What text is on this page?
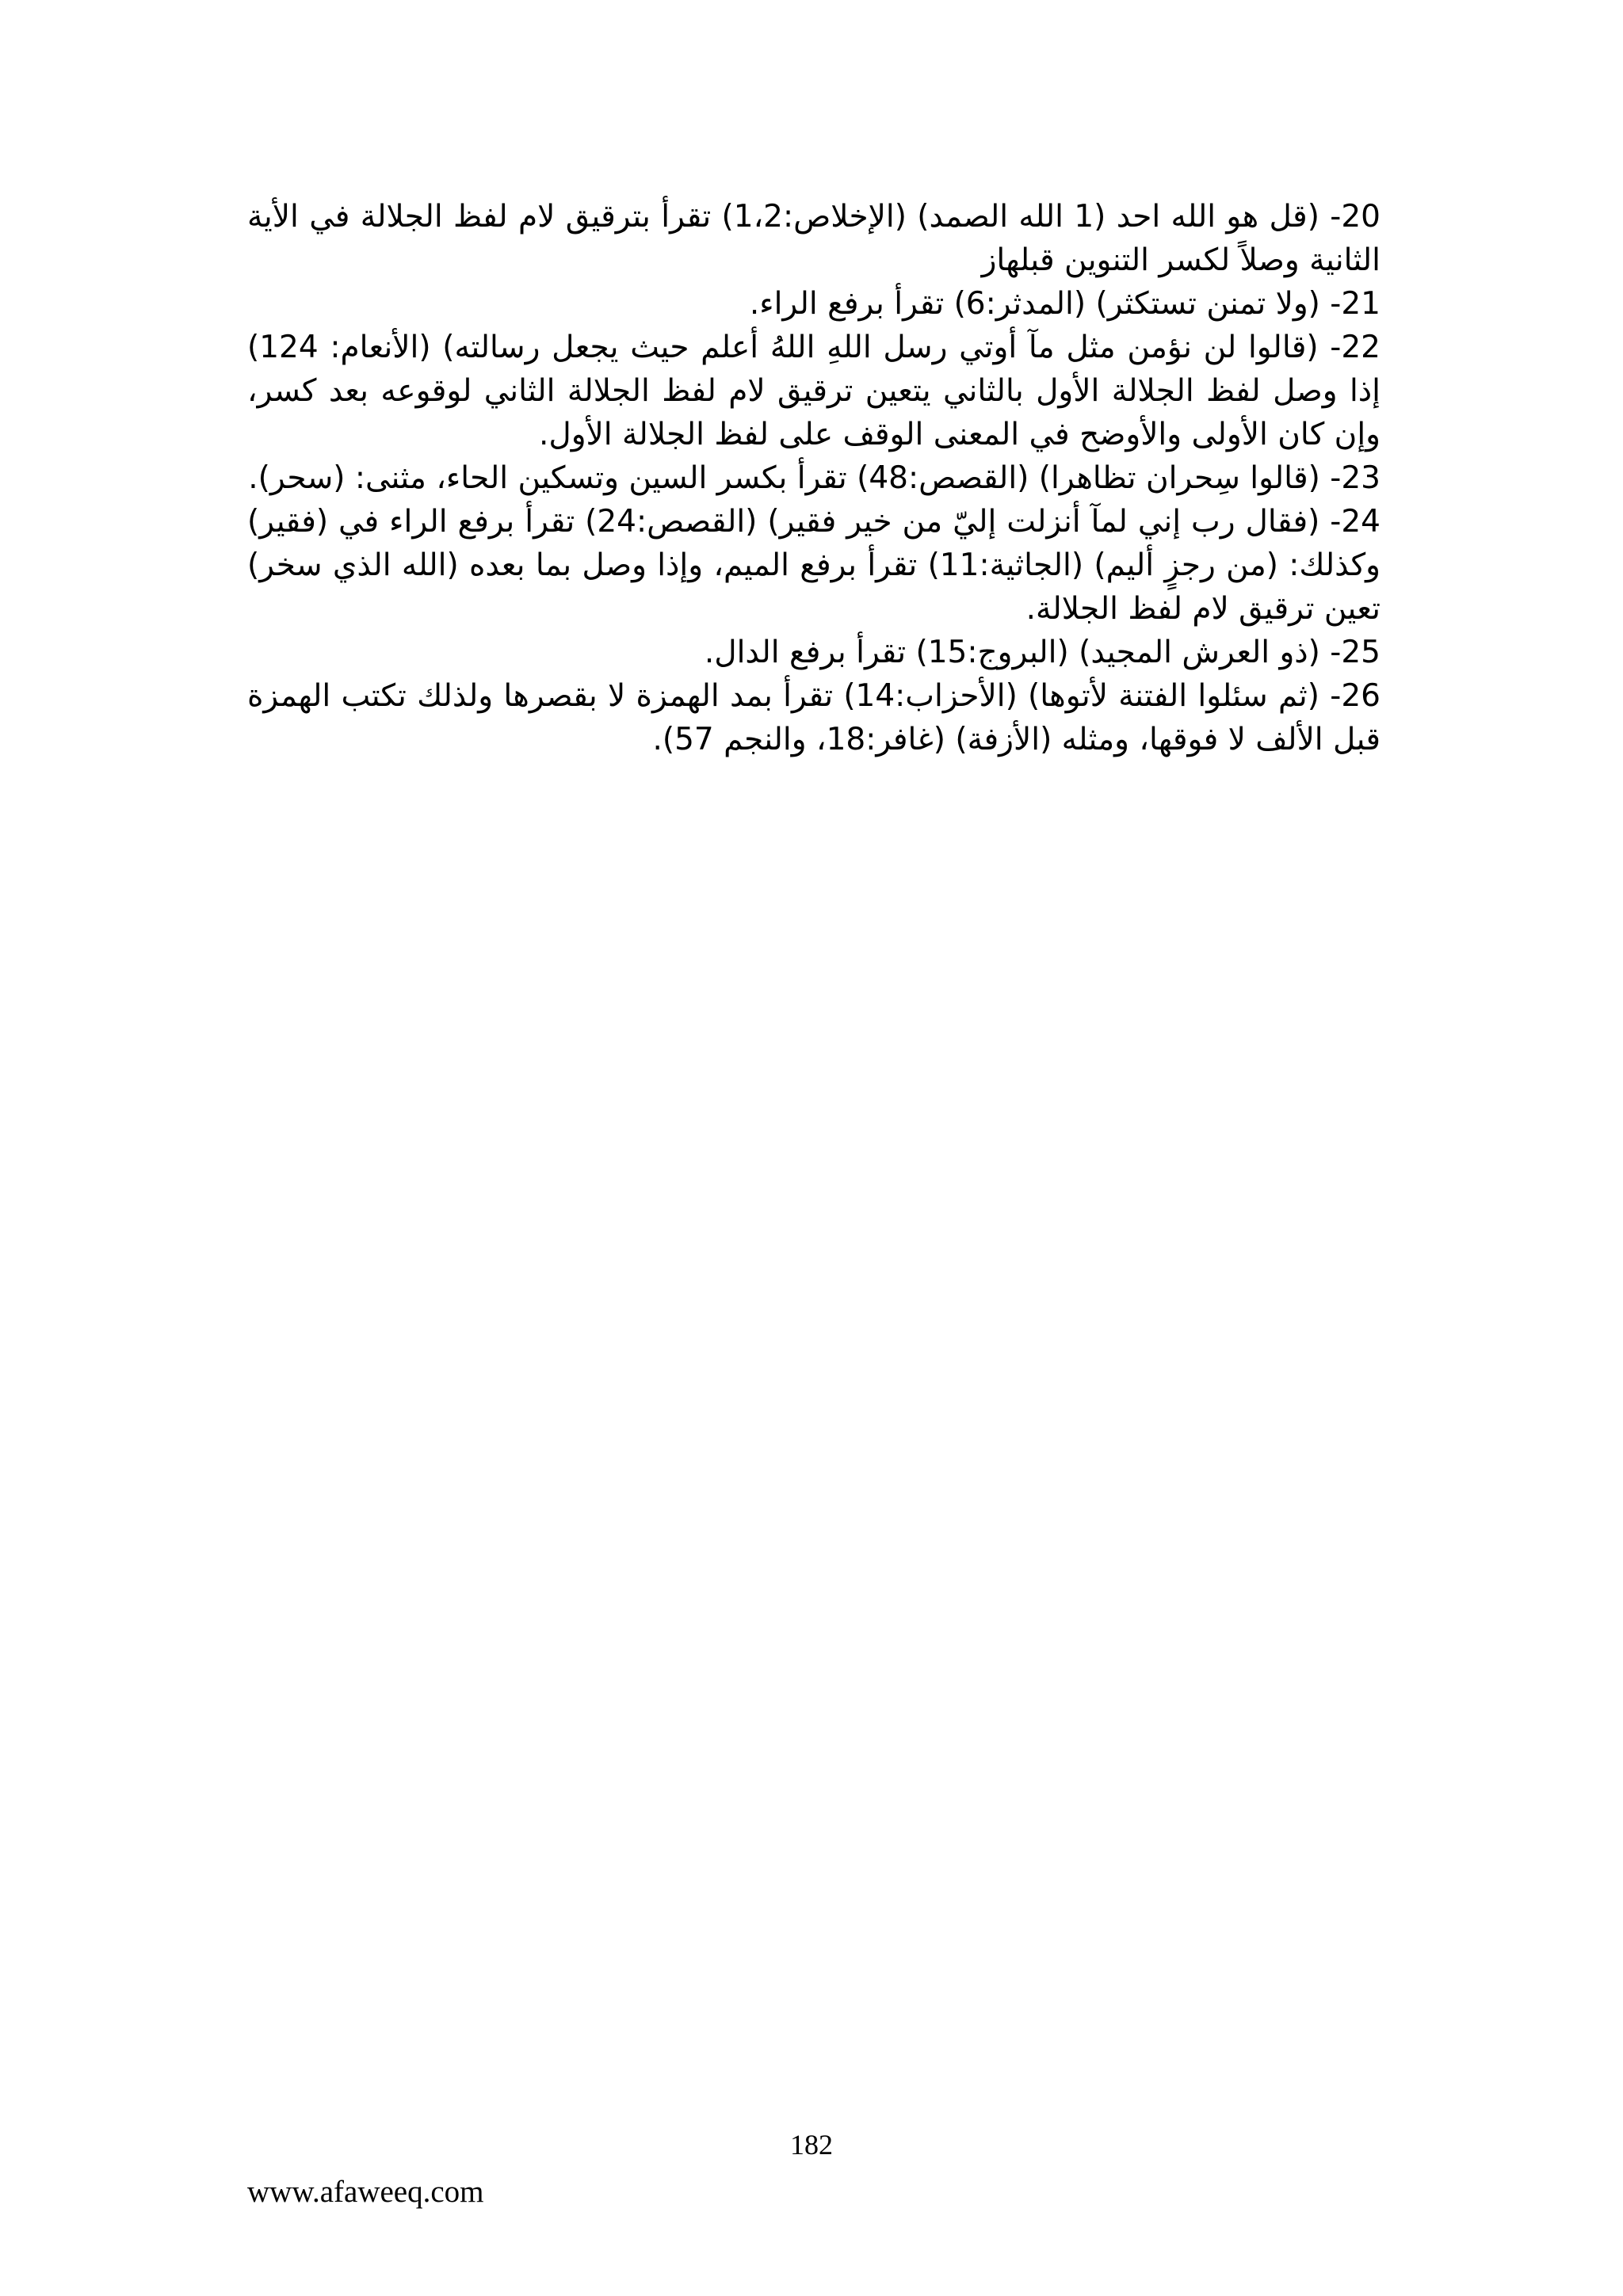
20- (قل هو الله احد (1 الله الصمد) (الإخلاص:1،2) تقرأ بترقيق لام لفظ الجلالة في الأية الثانية وصلاً لكسر التنوين قبلهاز

21- (ولا تمنن تستكثر) (المدثر:6) تقرأ برفع الراء.

22- (قالوا لن نؤمن مثل مآ أوتي رسل اللهِ اللهُ أعلم حيث يجعل رسالته) (الأنعام: 124) إذا وصل لفظ الجلالة الأول بالثاني يتعين ترقيق لام لفظ الجلالة الثاني لوقوعه بعد كسر، وإن كان الأولى والأوضح في المعنى الوقف على لفظ الجلالة الأول.

23- (قالوا سِحران تظاهرا) (القصص:48) تقرأ بكسر السين وتسكين الحاء، مثنى: (سحر).

24- (فقال رب إني لمآ أنزلت إليّ من خير فقير) (القصص:24) تقرأ برفع الراء في (فقير) وكذلك: (من رجزٍ أليم) (الجاثية:11) تقرأ برفع الميم، وإذا وصل بما بعده (الله الذي سخر) تعين ترقيق لام لفظ الجلالة.

25- (ذو العرش المجيد) (البروج:15) تقرأ برفع الدال.

26- (ثم سئلوا الفتنة لأتوها) (الأحزاب:14) تقرأ بمد الهمزة لا بقصرها ولذلك تكتب الهمزة قبل الألف لا فوقها، ومثله (الأزفة) (غافر:18، والنجم 57).

182
www.afaweeq.com
